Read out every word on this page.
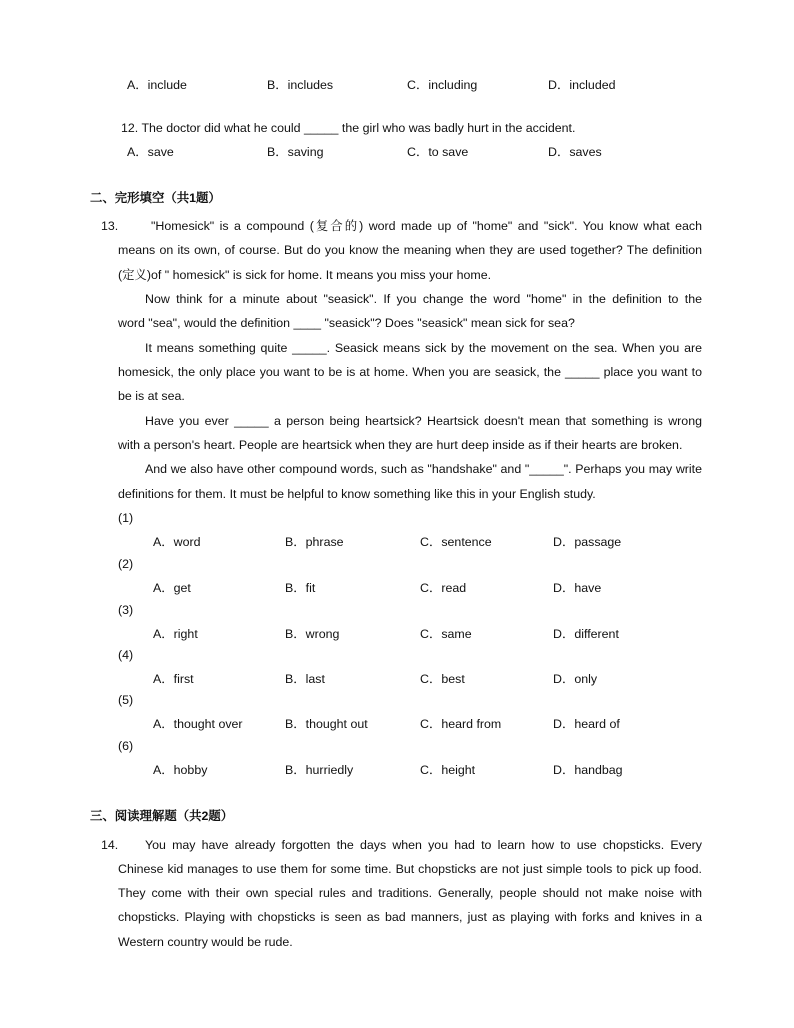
12. The doctor did what he could _____ the girl who was badly hurt in the accident.
二、完形填空（共1题）
13.
三、阅读理解题（共2题）
14.
A．include	B．includes	C．including	D．included
A．save	B．saving	C．to save	D．saves
"Homesick" is a compound (复合的) word made up of "home" and "sick". You know what each
means on its own, of course. But do you know the meaning when they are used together? The definition
(定义)of " homesick" is sick for home. It means you miss your home.
Now think for a minute about "seasick". If you change the word "home" in the definition to the
word "sea", would the definition ____ "seasick"? Does "seasick" mean sick for sea?
It means something quite _____. Seasick means sick by the movement on the sea. When you are
homesick, the only place you want to be is at home. When you are seasick, the _____ place you want to
be is at sea.
Have you ever _____ a person being heartsick? Heartsick doesn't mean that something is wrong
with a person's heart. People are heartsick when they are hurt deep inside as if their hearts are broken.
And we also have other compound words, such as "handshake" and "_____". Perhaps you may write
definitions for them. It must be helpful to know something like this in your English study.
(1)
A．word	B．phrase	C．sentence	D．passage
(2)
A．get	B．fit	C．read	D．have
(3)
A．right	B．wrong	C．same	D．different
(4)
A．first	B．last	C．best	D．only
(5)
A．thought over	B．thought out	C．heard from	D．heard of
(6)
A．hobby	B．hurriedly	C．height	D．handbag
You may have already forgotten the days when you had to learn how to use chopsticks. Every
Chinese kid manages to use them for some time. But chopsticks are not just simple tools to pick up food.
They come with their own special rules and traditions. Generally, people should not make noise with
chopsticks. Playing with chopsticks is seen as bad manners, just as playing with forks and knives in a
Western country would be rude.
